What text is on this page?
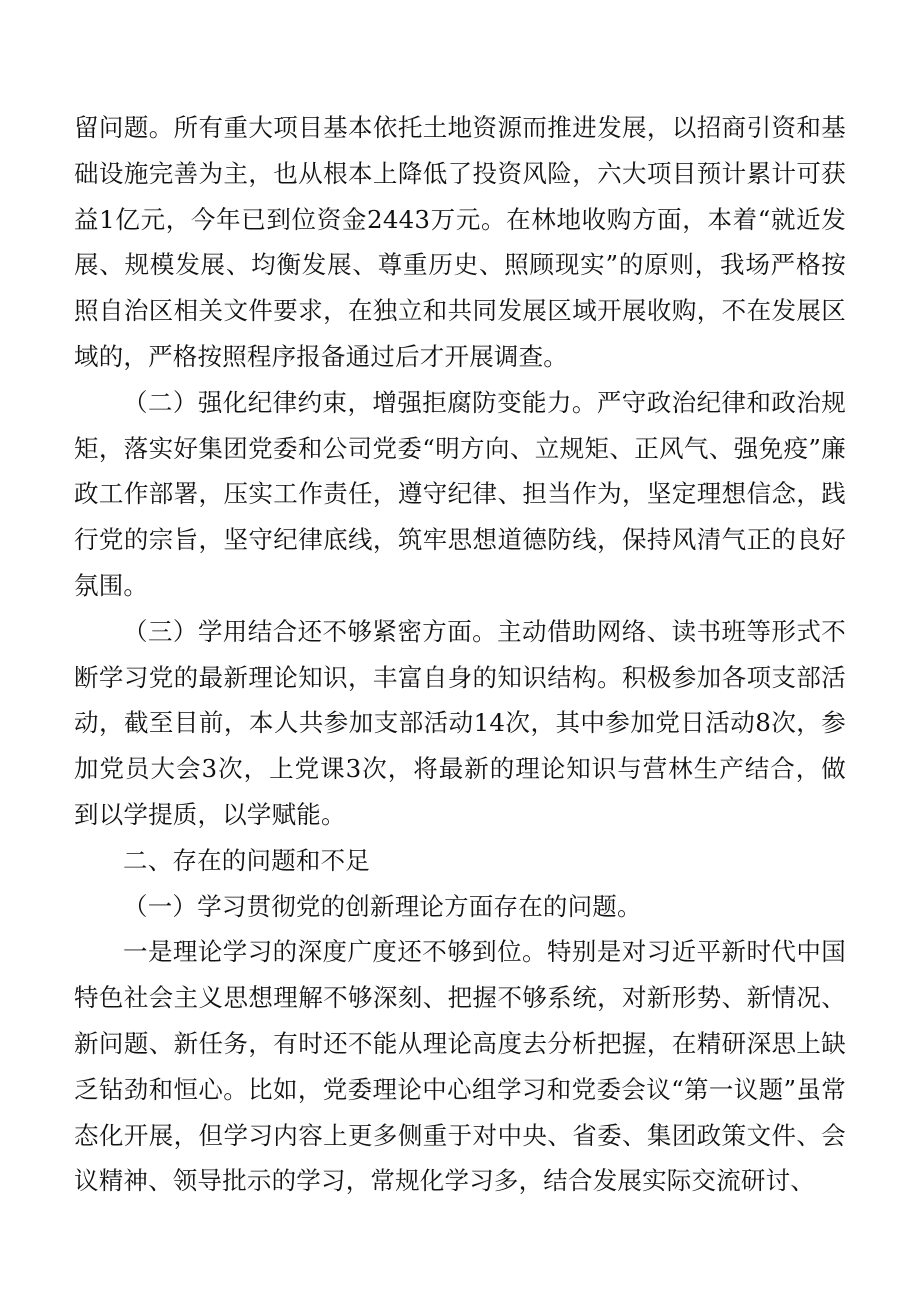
留问题。所有重大项目基本依托土地资源而推进发展，以招商引资和基础设施完善为主，也从根本上降低了投资风险，六大项目预计累计可获益1亿元，今年已到位资金2443万元。在林地收购方面，本着“就近发展、规模发展、均衡发展、尊重历史、照顾现实”的原则，我场严格按照自治区相关文件要求，在独立和共同发展区域开展收购，不在发展区域的，严格按照程序报备通过后才开展调查。

（二）强化纪律约束，增强拒腐防变能力。严守政治纪律和政治规矩，落实好集团党委和公司党委“明方向、立规矩、正风气、强免疫”廉政工作部署，压实工作责任，遵守纪律、担当作为，坚定理想信念，践行党的宗旨，坚守纪律底线，筑牢思想道德防线，保持风清气正的良好氛围。

（三）学用结合还不够紧密方面。主动借助网络、读书班等形式不断学习党的最新理论知识，丰富自身的知识结构。积极参加各项支部活动，截至目前，本人共参加支部活动14次，其中参加党日活动8次，参加党员大会3次，上党课3次，将最新的理论知识与营林生产结合，做到以学提质，以学赋能。

二、存在的问题和不足

（一）学习贯彻党的创新理论方面存在的问题。

一是理论学习的深度广度还不够到位。特别是对习近平新时代中国特色社会主义思想理解不够深刻、把握不够系统，对新形势、新情况、新问题、新任务，有时还不能从理论高度去分析把握，在精研深思上缺乏钻劲和恒心。比如，党委理论中心组学习和党委会议“第一议题”虽常态化开展，但学习内容上更多侧重于对中央、省委、集团政策文件、会议精神、领导批示的学习，常规化学习多，结合发展实际交流研讨、
